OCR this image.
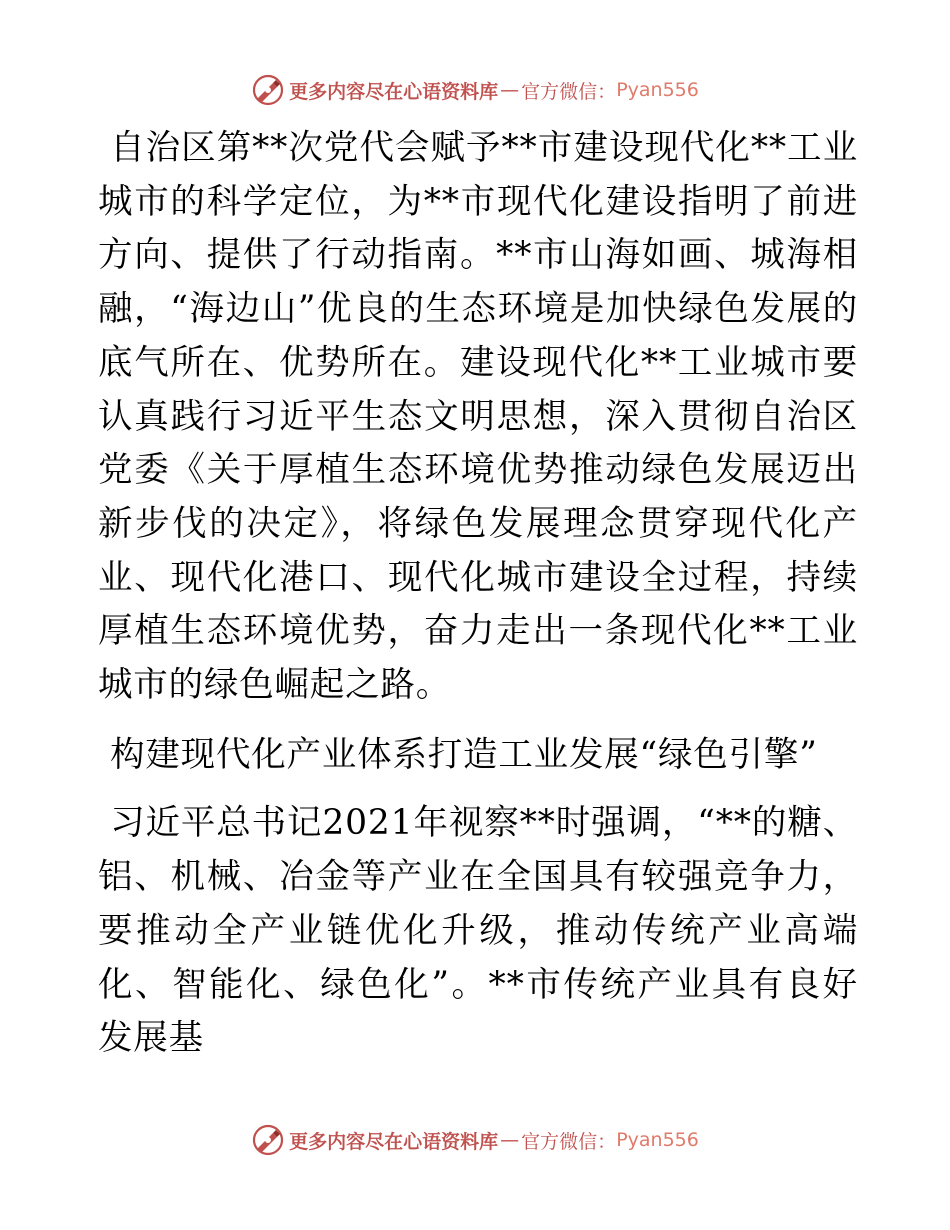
更多内容尽在心语资料库 — 官方微信： Pyan556

自治区第**次党代会赋予**市建设现代化**工业城市的科学定位，为**市现代化建设指明了前进方向、提供了行动指南。**市山海如画、城海相融，“海边山”优良的生态环境是加快绿色发展的底气所在、优势所在。建设现代化**工业城市要认真践行习近平生态文明思想，深入贯彻自治区党委《关于厚植生态环境优势推动绿色发展迈出新步伐的决定》，将绿色发展理念贯穿现代化产业、现代化港口、现代化城市建设全过程，持续厚植生态环境优势，奋力走出一条现代化**工业城市的绿色崛起之路。

构建现代化产业体系打造工业发展“绿色引擎”

习近平总书记2021年视察**时强调，“**的糖、铝、机械、冶金等产业在全国具有较强竞争力，要推动全产业链优化升级，推动传统产业高端化、智能化、绿色化”。**市传统产业具有良好发展基

更多内容尽在心语资料库 — 官方微信： Pyan556
